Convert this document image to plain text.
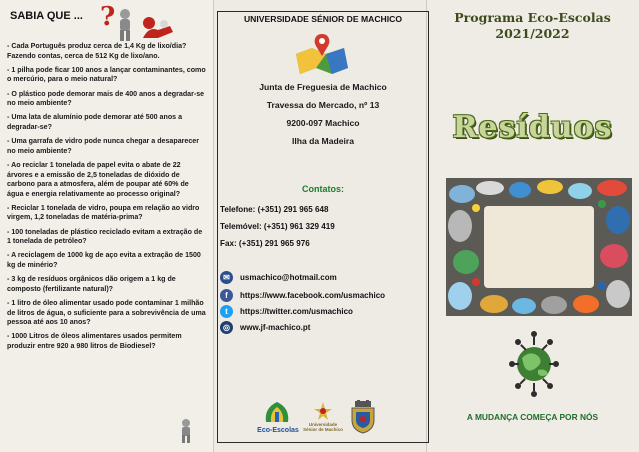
SABIA QUE ... ?
- Cada Português produz cerca de 1,4 Kg de lixo/dia? Fazendo contas, cerca de 512 Kg de lixo/ano.
- 1 pilha pode ficar 100 anos a lançar contaminantes, como o mercúrio, para o meio natural?
- O plástico pode demorar mais de 400 anos a degradar-se no meio ambiente?
- Uma lata de alumínio pode demorar até 500 anos a degradar-se?
- Uma garrafa de vidro pode nunca chegar a desaparecer no meio ambiente?
- Ao reciclar 1 tonelada de papel evita o abate de 22 árvores e a emissão de 2,5 toneladas de dióxido de carbono para a atmosfera, além de poupar até 60% de água e energia relativamente ao processo original?
- Reciclar 1 tonelada de vidro, poupa em relação ao vidro virgem, 1,2 toneladas de matéria-prima?
- 100 toneladas de plástico reciclado evitam a extração de 1 tonelada de petróleo?
- A reciclagem de 1000 kg de aço evita a extração de 1500 kg de minério?
- 3 kg de resíduos orgânicos dão origem a 1 kg de composto (fertilizante natural)?
- 1 litro de óleo alimentar usado pode contaminar 1 milhão de litros de água, o suficiente para a sobrevivência de uma pessoa até aos 10 anos?
- 1000 Litros de óleos alimentares usados permitem produzir entre 920 a 980 litros de Biodiesel?
UNIVERSIDADE SÉNIOR DE MACHICO
Junta de Freguesia de Machico
Travessa do Mercado, nº 13
9200-097 Machico
Ilha da Madeira
Contatos:
Telefone: (+351) 291 965 648
Telemóvel: (+351) 961 329 419
Fax: (+351) 291 965 976
✉	usmachico@hotmail.com
f	https://www.facebook.com/usmachico
t	https://twitter.com/usmachico
◎	www.jf-machico.pt
Eco-Escolas
Universidade
Sénior de Machico
Programa Eco-Escolas
2021/2022
Resíduos
A MUDANÇA COMEÇA POR NÓS
